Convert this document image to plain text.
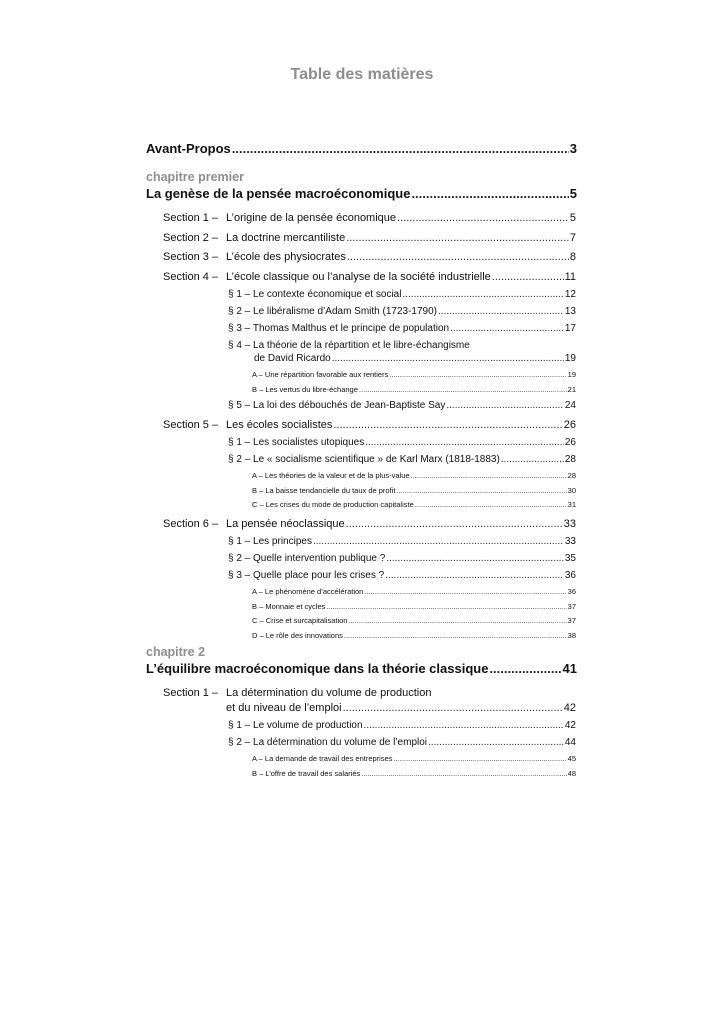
Table des matières
Avant-Propos .....	3
chapitre premier
La genèse de la pensée macroéconomique .....	5
Section 1 – L’origine de la pensée économique .....	5
Section 2 – La doctrine mercantiliste .....	7
Section 3 – L’école des physiocrates .....	8
Section 4 – L’école classique ou l’analyse de la société industrielle .....	11
§ 1 – Le contexte économique et social .....	12
§ 2 – Le libéralisme d’Adam Smith (1723-1790) .....	13
§ 3 – Thomas Malthus et le principe de population .....	17
§ 4 – La théorie de la répartition et le libre-échangisme
de David Ricardo .....	19
A – Une répartition favorable aux rentiers .....	19
B – Les vertus du libre-échange .....	21
§ 5 – La loi des débouchés de Jean-Baptiste Say .....	24
Section 5 – Les écoles socialistes .....	26
§ 1 – Les socialistes utopiques .....	26
§ 2 – Le « socialisme scientifique » de Karl Marx (1818-1883) .....	28
A – Les théories de la valeur et de la plus-value .....	28
B – La baisse tendancielle du taux de profit .....	30
C – Les crises du mode de production capitaliste .....	31
Section 6 – La pensée néoclassique .....	33
§ 1 – Les principes .....	33
§ 2 – Quelle intervention publique ? .....	35
§ 3 – Quelle place pour les crises ? .....	36
A – Le phénomène d’accélération .....	36
B – Monnaie et cycles .....	37
C – Crise et surcapitalisation .....	37
D – Le rôle des innovations .....	38
chapitre 2
L’équilibre macroéconomique dans la théorie classique .....	41
Section 1 – La détermination du volume de production
et du niveau de l’emploi .....	42
§ 1 – Le volume de production .....	42
§ 2 – La détermination du volume de l’emploi .....	44
A – La demande de travail des entreprises .....	45
B – L’offre de travail des salariés .....	48
